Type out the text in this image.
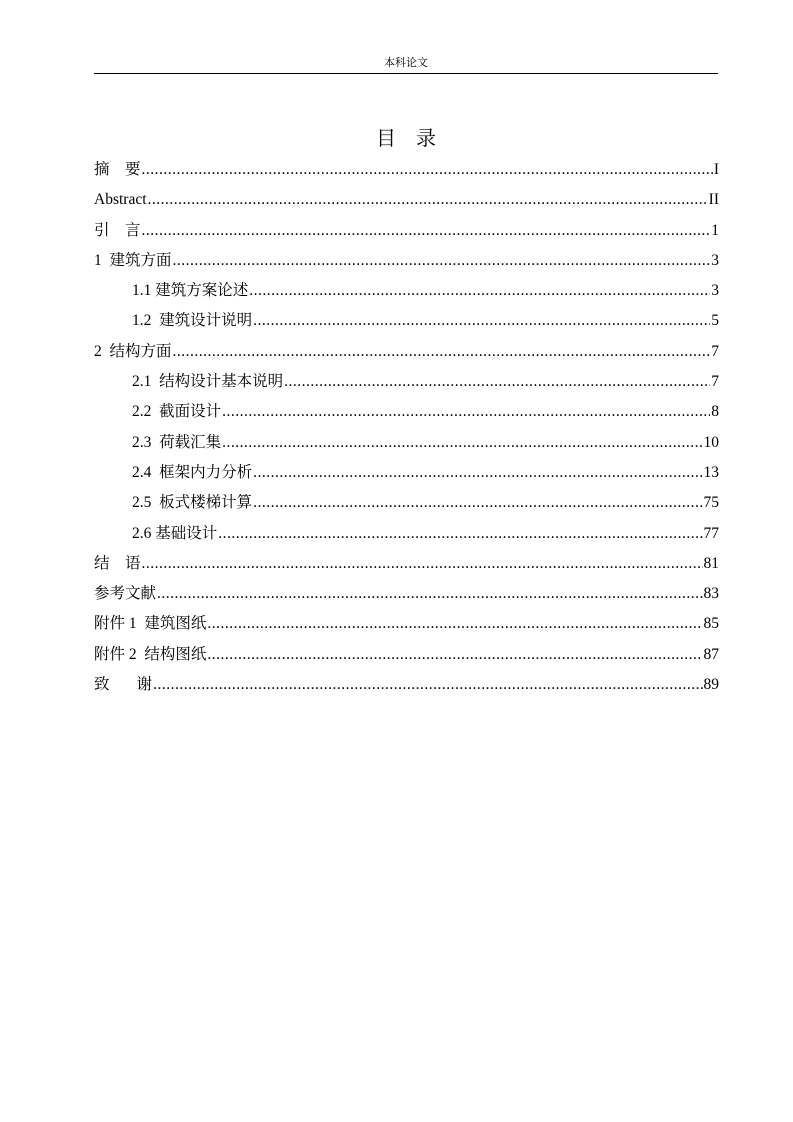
本科论文
目    录
摘    要 .....	I
Abstract .....	II
引    言 .....	1
1  建筑方面 .....	3
1.1 建筑方案论述 .....	3
1.2  建筑设计说明 .....	5
2  结构方面 .....	7
2.1  结构设计基本说明 .....	7
2.2  截面设计 .....	8
2.3  荷载汇集 .....	10
2.4  框架内力分析 .....	13
2.5  板式楼梯计算 .....	75
2.6 基础设计 .....	77
结    语 .....	81
参考文献 .....	83
附件 1  建筑图纸 .....	85
附件 2  结构图纸 .....	87
致       谢 .....	89
